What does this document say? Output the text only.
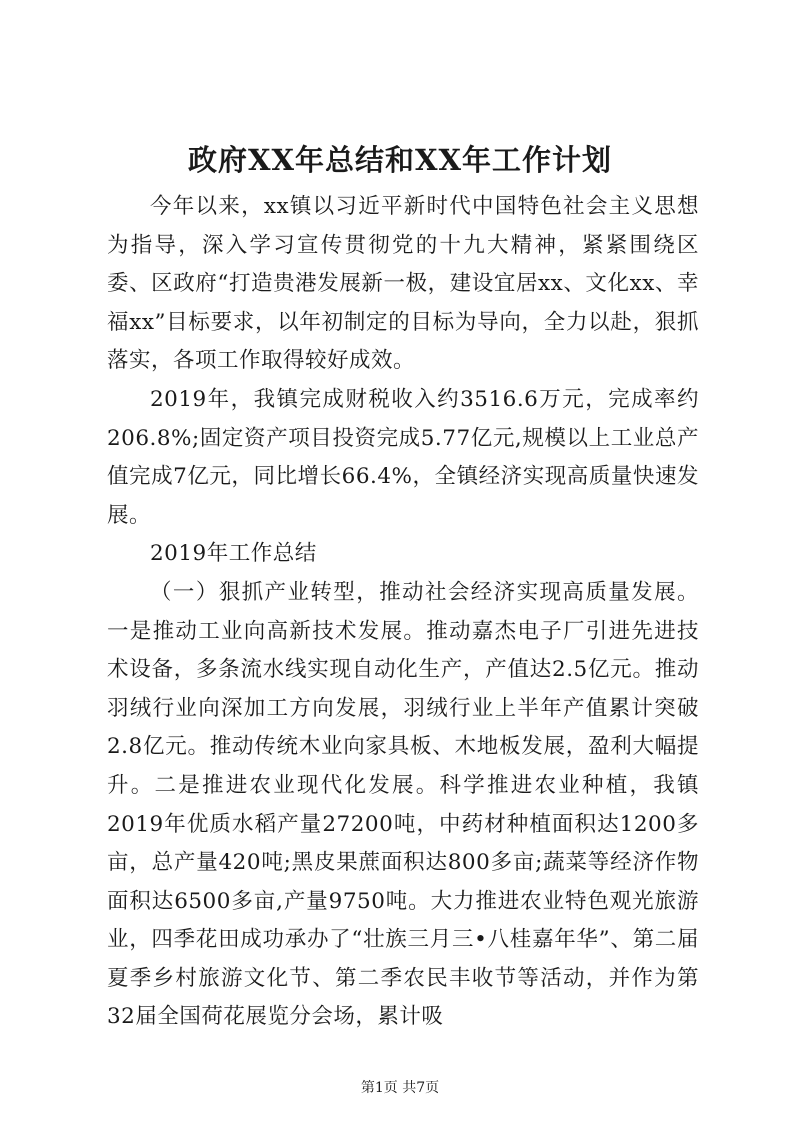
政府XX年总结和XX年工作计划

今年以来，xx镇以习近平新时代中国特色社会主义思想为指导，深入学习宣传贯彻党的十九大精神，紧紧围绕区委、区政府“打造贵港发展新一极，建设宜居xx、文化xx、幸福xx”目标要求，以年初制定的目标为导向，全力以赴，狠抓落实，各项工作取得较好成效。

2019年，我镇完成财税收入约3516.6万元，完成率约206.8%;固定资产项目投资完成5.77亿元,规模以上工业总产值完成7亿元，同比增长66.4%，全镇经济实现高质量快速发展。

2019年工作总结

（一）狠抓产业转型，推动社会经济实现高质量发展。一是推动工业向高新技术发展。推动嘉杰电子厂引进先进技术设备，多条流水线实现自动化生产，产值达2.5亿元。推动羽绒行业向深加工方向发展，羽绒行业上半年产值累计突破2.8亿元。推动传统木业向家具板、木地板发展，盈利大幅提升。二是推进农业现代化发展。科学推进农业种植，我镇2019年优质水稻产量27200吨，中药材种植面积达1200多亩，总产量420吨;黑皮果蔗面积达800多亩;蔬菜等经济作物面积达6500多亩,产量9750吨。大力推进农业特色观光旅游业，四季花田成功承办了“壮族三月三•八桂嘉年华”、第二届夏季乡村旅游文化节、第二季农民丰收节等活动，并作为第32届全国荷花展览分会场，累计吸

第1页 共7页
